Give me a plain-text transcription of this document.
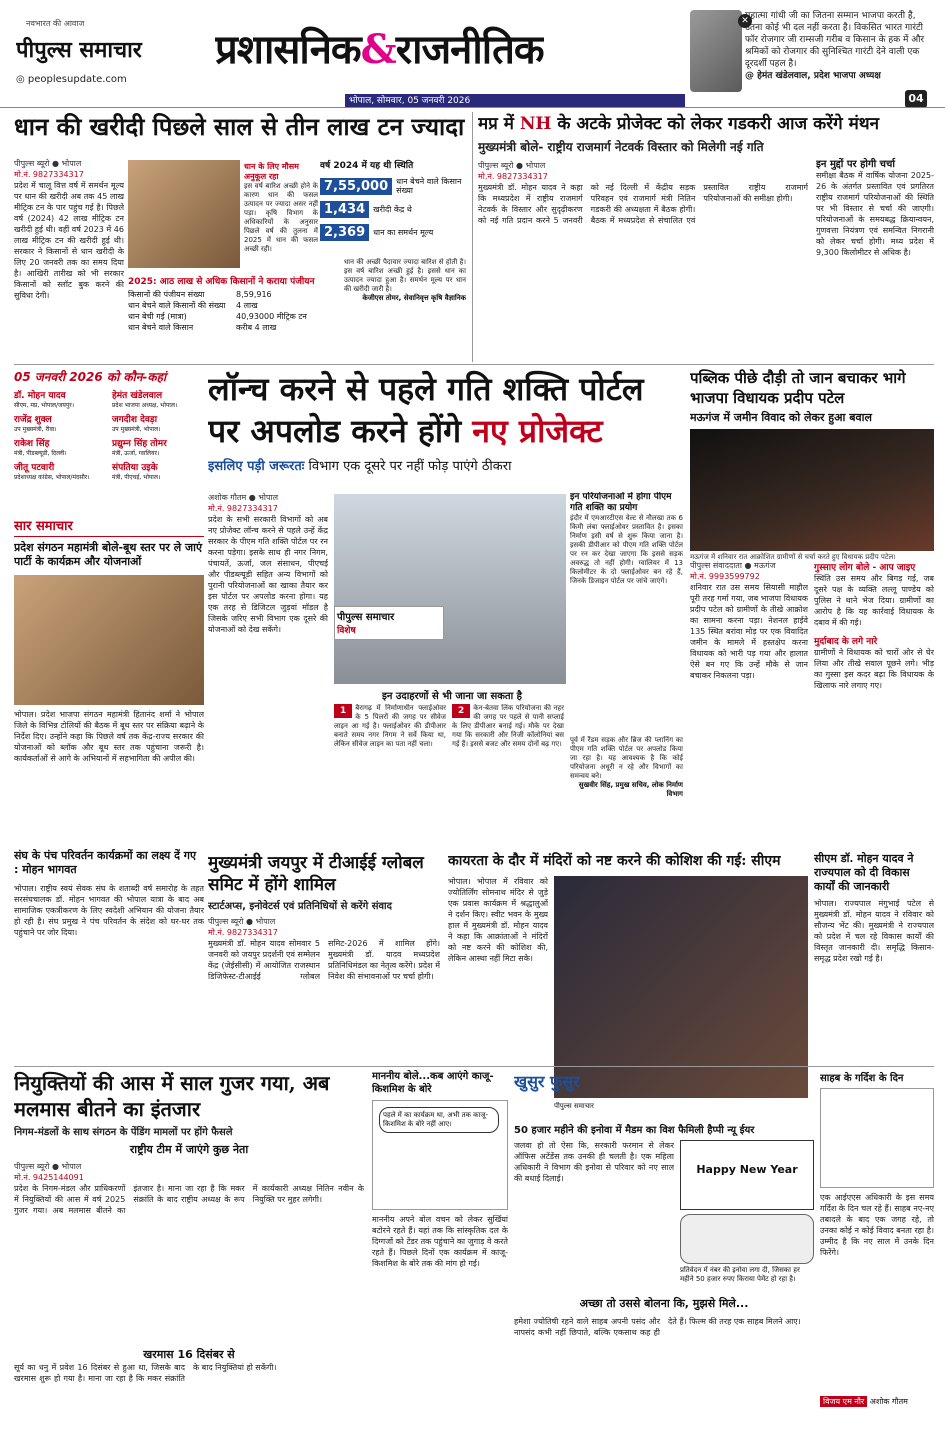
नवभारत की आवाज
पीपुल्स समाचार
◎ peoplesupdate.com
प्रशासनिक&राजनीतिक
भोपाल, सोमवार, 05 जनवरी 2026
✕
महात्मा गांधी जी का जितना सम्मान भाजपा करती है, उतना कोई भी दल नहीं करता है। विकसित भारत गारंटी फॉर रोजगार जी राम्सजी गरीब व किसान के हक में और श्रमिकों को रोजगार की सुनिश्चित गारंटी देने वाली एक दूरदर्शी पहल है।
@ हेमंत खंडेलवाल, प्रदेश भाजपा अध्यक्ष
04
धान की खरीदी पिछले साल से तीन लाख टन ज्यादा
पीपुल्स ब्यूरो ● भोपाल
मो.नं. 9827334317
प्रदेश में चालू वित्त वर्ष में समर्थन मूल्य पर धान की खरीदी अब तक 45 लाख मीट्रिक टन के पार पहुंच गई है। पिछले वर्ष (2024) 42 लाख मीट्रिक टन खरीदी हुई थी। वहीं वर्ष 2023 में 46 लाख मीट्रिक टन की खरीदी हुई थी। सरकार ने किसानों से धान खरीदी के लिए 20 जनवरी तक का समय दिया है। आखिरी तारीख को भी सरकार किसानों को स्लॉट बुक करने की सुविधा देगी।
धान के लिए मौसम अनुकूल रहा
इस वर्ष बारिश अच्छी होने के कारण धान की फसल उत्पादन पर ज्यादा असर नहीं पड़ा। कृषि विभाग के अधिकारियों के अनुसार पिछले वर्ष की तुलना में 2025 में धान की फसल अच्छी रही।
वर्ष 2024 में यह थी स्थिति
7,55,000	धान बेचने वाले किसान संख्या
1,434	खरीदी केंद्र थे
2,369	धान का समर्थन मूल्य
धान की अच्छी पैदावार ज्यादा बारिश से होती है। इस वर्ष बारिश अच्छी हुई है। इससे धान का उत्पादन ज्यादा हुआ है। समर्थन मूल्य पर धान की खरीदी जारी है।
केजीएस तोमर, सेवानिवृत्त कृषि वैज्ञानिक
2025: आठ लाख से अधिक किसानों ने कराया पंजीयन
किसानों की पंजीयन संख्या	8,59,916
धान बेचने वाले किसानों की संख्या	4 लाख
धान बेची गई (मात्रा)	40,93000 मीट्रिक टन
धान बेचने वाले किसान	करीब 4 लाख
मप्र में NH के अटके प्रोजेक्ट को लेकर गडकरी आज करेंगे मंथन
मुख्यमंत्री बोले- राष्ट्रीय राजमार्ग नेटवर्क विस्तार को मिलेगी नई गति
पीपुल्स ब्यूरो ● भोपाल
मो.नं. 9827334317
मुख्यमंत्री डॉ. मोहन यादव ने कहा कि मध्यप्रदेश में राष्ट्रीय राजमार्ग नेटवर्क के विस्तार और सुदृढ़ीकरण को नई गति प्रदान करने 5 जनवरी को नई दिल्ली में केंद्रीय सड़क परिवहन एवं राजमार्ग मंत्री नितिन गडकरी की अध्यक्षता में बैठक होगी। बैठक में मध्यप्रदेश से संचालित एवं प्रस्तावित राष्ट्रीय राजमार्ग परियोजनाओं की समीक्षा होगी।
इन मुद्दों पर होगी चर्चा
समीक्षा बैठक में वार्षिक योजना 2025-26 के अंतर्गत प्रस्तावित एवं प्रगतिरत राष्ट्रीय राजमार्ग परियोजनाओं की स्थिति पर भी विस्तार से चर्चा की जाएगी। परियोजनाओं के समयबद्ध क्रियान्वयन, गुणवत्ता नियंत्रण एवं समन्वित निगरानी को लेकर चर्चा होगी। मध्य प्रदेश में 9,300 किलोमीटर से अधिक है।
05 जनवरी 2026 को कौन-कहां
डॉ. मोहन यादव
सीएम, मप्र, भोपाल/जयपुर।
हेमंत खंडेलवाल
प्रदेश भाजपा अध्यक्ष, भोपाल।
राजेंद्र शुक्ल
उप मुख्यमंत्री, रीवा।
जगदीश देवड़ा
उप मुख्यमंत्री, भोपाल।
राकेश सिंह
मंत्री, पीडब्ल्यूडी, दिल्ली।
प्रद्युम्न सिंह तोमर
मंत्री, ऊर्जा, ग्वालियर।
जीतू पटवारी
प्रदेशाध्यक्ष कांग्रेस, भोपाल/मंदसौर।
संपतिया उइके
मंत्री, पीएचई, भोपाल।
लॉन्च करने से पहले गति शक्ति पोर्टल
पर अपलोड करने होंगे नए प्रोजेक्ट
इसलिए पड़ी जरूरतः विभाग एक दूसरे पर नहीं फोड़ पाएंगे ठीकरा
अशोक गौतम ● भोपाल
मो.नं. 9827334317
प्रदेश के सभी सरकारी विभागों को अब नए प्रोजेक्ट लॉन्च करने से पहले उन्हें केंद्र सरकार के पीएम गति शक्ति पोर्टल पर रन करना पड़ेगा। इसके साथ ही नगर निगम, पंचायतें, ऊर्जा, जल संसाधन, पीएचई और पीडब्ल्यूडी सहित अन्य विभागों को पुरानी परियोजनाओं का खाका तैयार कर इस पोर्टल पर अपलोड करना होगा। यह एक तरह से डिजिटल जुड़वां मॉडल है जिसके जरिए सभी विभाग एक दूसरे की योजनाओं को देख सकेंगे।
पीपुल्स समाचार
विशेष
इन परियोजनाओं में होगा पीएम गति शक्ति का प्रयोग
इंदौर में एमआरटीएस वेल्ट से नौलखा तक 6 किमी लंबा फ्लाईओवर प्रस्तावित है। इसका निर्माण इसी वर्ष से शुरू किया जाना है। इसकी डीपीआर को पीएम गति शक्ति पोर्टल पर रन कर देखा जाएगा कि इससे सड़क अवरुद्ध तो नहीं होगी। ग्वालियर में 13 किलोमीटर के दो फ्लाईओवर बन रहे हैं, जिनके डिजाइन पोर्टल पर जांचे जाएंगे।
इन उदाहरणों से भी जाना जा सकता है
1	बैरागढ़ में निर्माणाधीन फ्लाईओवर के 5 पिलरों की जगह पर सीवेज लाइन आ गई है। फ्लाईओवर की डीपीआर बनाते समय नगर निगम ने सर्वे किया था, लेकिन सीवेज लाइन का पता नहीं चला।
2	केन-बेतवा लिंक परियोजना की नहर की जगह पर पहले से पानी सप्लाई के लिए डीपीआर बनाई गई। मौके पर देखा गया कि सरकारी और निजी कॉलोनियां बस गई हैं। इससे बजट और समय दोनों बढ़ गए।	पूर्व में रैंडम सड़क और ब्रिज की प्लानिंग का पीएम गति शक्ति पोर्टल पर अपलोड किया जा रहा है। यह आवश्यक है कि कोई परियोजना अधूरी न रहे और विभागों का समन्वय बने।
सुखवीर सिंह, प्रमुख सचिव, लोक निर्माण विभाग
सार समाचार
प्रदेश संगठन महामंत्री बोले-बूथ स्तर पर ले जाएं पार्टी के कार्यक्रम और योजनाओं
भोपाल। प्रदेश भाजपा संगठन महामंत्री हितानंद शर्मा ने भोपाल जिले के विभिन्न टोलियों की बैठक में बूथ स्तर पर संक्रिया बढ़ाने के निर्देश दिए। उन्होंने कहा कि पिछले वर्ष तक केंद्र-राज्य सरकार की योजनाओं को ब्लॉक और बूथ स्तर तक पहुंचाना जरूरी है। कार्यकर्ताओं से आगे के अभियानों में सहभागिता की अपील की।
संघ के पंच परिवर्तन कार्यक्रमों का लक्ष्य दें गए : मोहन भागवत
भोपाल। राष्ट्रीय स्वयं सेवक संघ के शताब्दी वर्ष समारोह के तहत सरसंघचालक डॉ. मोहन भागवत की भोपाल यात्रा के बाद अब सामाजिक एकत्रीकरण के लिए स्वदेशी अभियान की योजना तैयार हो रही है। संघ प्रमुख ने पंच परिवर्तन के संदेश को घर-घर तक पहुंचाने पर जोर दिया।
पब्लिक पीछे दौड़ी तो जान बचाकर भागे भाजपा विधायक प्रदीप पटेल
मऊगंज में जमीन विवाद को लेकर हुआ बवाल
मऊगंज में शनिवार रात आक्रोशित ग्रामीणों से चर्चा करते हुए विधायक प्रदीप पटेल।
पीपुल्स संवाददाता ● मऊगंज
मो.नं. 9993599792
शनिवार रात उस समय सियासी माहौल पूरी तरह गर्मा गया, जब भाजपा विधायक प्रदीप पटेल को ग्रामीणों के तीखे आक्रोश का सामना करना पड़ा। नेशनल हाईवे 135 स्थित बरांवा मोड़ पर एक विवादित जमीन के मामले में हस्तक्षेप करना विधायक को भारी पड़ गया और हालात ऐसे बन गए कि उन्हें मौके से जान बचाकर निकलना पड़ा।
गुस्साए लोग बोले - आप जाइए
स्थिति उस समय और बिगड़ गई, जब दूसरे पक्ष के व्यक्ति लल्लू पाण्डेय को पुलिस ने थाने भेज दिया। ग्रामीणों का आरोप है कि यह कार्रवाई विधायक के दबाव में की गई।
मुर्दाबाद के लगे नारे
ग्रामीणों ने विधायक को चारों ओर से घेर लिया और तीखे सवाल पूछने लगे। भीड़ का गुस्सा इस कदर बढ़ा कि विधायक के खिलाफ नारे लगाए गए।
मुख्यमंत्री जयपुर में टीआईई ग्लोबल समिट में होंगे शामिल
स्टार्टअप्स, इनोवेटर्स एवं प्रतिनिधियों से करेंगे संवाद
पीपुल्स ब्यूरो ● भोपाल
मो.नं. 9827334317
मुख्यमंत्री डॉ. मोहन यादव सोमवार 5 जनवरी को जयपुर प्रदर्शनी एवं सम्मेलन केंद्र (जेईसीसी) में आयोजित राजस्थान डिजिफेस्ट-टीआईई ग्लोबल समिट-2026 में शामिल होंगे। मुख्यमंत्री डॉ. यादव मध्यप्रदेश प्रतिनिधिमंडल का नेतृत्व करेंगे। प्रदेश में निवेश की संभावनाओं पर चर्चा होगी।
कायरता के दौर में मंदिरों को नष्ट करने की कोशिश की गई: सीएम
भोपाल। भोपाल में रविवार को ज्योतिर्लिंग सोमनाथ मंदिर से जुड़े एक प्रवास कार्यक्रम में श्रद्धालुओं ने दर्शन किए। स्वीट भवन के मुख्य हाल में मुख्यमंत्री डॉ. मोहन यादव ने कहा कि आक्रांताओं ने मंदिरों को नष्ट करने की कोशिश की, लेकिन आस्था नहीं मिटा सके।
पीपुल्स समाचार
सीएम डॉ. मोहन यादव ने राज्यपाल को दी विकास कार्यों की जानकारी
भोपाल। राज्यपाल मंगुभाई पटेल से मुख्यमंत्री डॉ. मोहन यादव ने रविवार को सौजन्य भेंट की। मुख्यमंत्री ने राज्यपाल को प्रदेश में चल रहे विकास कार्यों की विस्तृत जानकारी दी। समृद्धि किसान-समृद्ध प्रदेश रखो गई है।
नियुक्तियों की आस में साल गुजर गया, अब मलमास बीतने का इंतजार
निगम-मंडलों के साथ संगठन के पेंडिंग मामलों पर होंगे फैसले
राष्ट्रीय टीम में जाएंगे कुछ नेता
पीपुल्स ब्यूरो ● भोपाल
मो.नं. 9425144091
प्रदेश के निगम-मंडल और प्राधिकरणों में नियुक्तियों की आस में वर्ष 2025 गुजर गया। अब मलमास बीतने का इंतजार है। माना जा रहा है कि मकर संक्रांति के बाद राष्ट्रीय अध्यक्ष के रूप में कार्यकारी अध्यक्ष नितिन नवीन के नियुक्ति पर मुहर लगेगी।
खरमास 16 दिसंबर से
सूर्य का धनु में प्रवेश 16 दिसंबर से हुआ था, जिसके बाद खरमास शुरू हो गया है। माना जा रहा है कि मकर संक्रांति के बाद नियुक्तियां हो सकेंगी।
माननीय बोले...कब आएंगे काजू-किशमिश के बोरे
पहले में का कार्यक्रम था, अभी तक काजू-किशमिश के बोरे नहीं आए।
माननीय अपने बोल वचन को लेकर सुर्खियां बटोरने रहते हैं। यहां तक कि सांस्कृतिक दल के दिग्गजों को टेंडर तक पहुंचाने का जुगाड़ वे करते रहते हैं। पिछले दिनों एक कार्यक्रम में काजू-किशमिश के बोरे तक की मांग हो गई।
खुसुर फुसुर
50 हजार महीने की इनोवा में मैडम का विश फैमिली हैप्पी न्यू ईयर
जलवा हो तो ऐसा कि, सरकारी फरमान से लेकर ऑफिस अटेंडेंस तक उनकी ही चलती है। एक महिला अधिकारी ने विभाग की इनोवा से परिवार को नए साल की बधाई दिलाई।
Happy New Year
प्रतिवेदन में नंबर की इनोवा लगा दी, जिसका हर महीने 50 हजार रुपए किराया पेमेंट हो रहा है।
अच्छा तो उससे बोलना कि, मुझसे मिले...
हमेशा ज्योतिषी रहने वाले साहब अपनी पसंद और नापसंद कभी नहीं छिपाते, बल्कि एकसाथ कह ही देते हैं। फिल्म की तरह एक साहब मिलने आए।
साहब के गर्दिश के दिन
एक आईएएस अधिकारी के इस समय गर्दिश के दिन चल रहे हैं। साहब नए-नए तबादले के बाद एक जगह रहे, तो उनका कोई न कोई विवाद बनता रहा है। उम्मीद है कि नए साल में उनके दिन फिरेंगे।
विजय एम नौर अशोक गौतम
